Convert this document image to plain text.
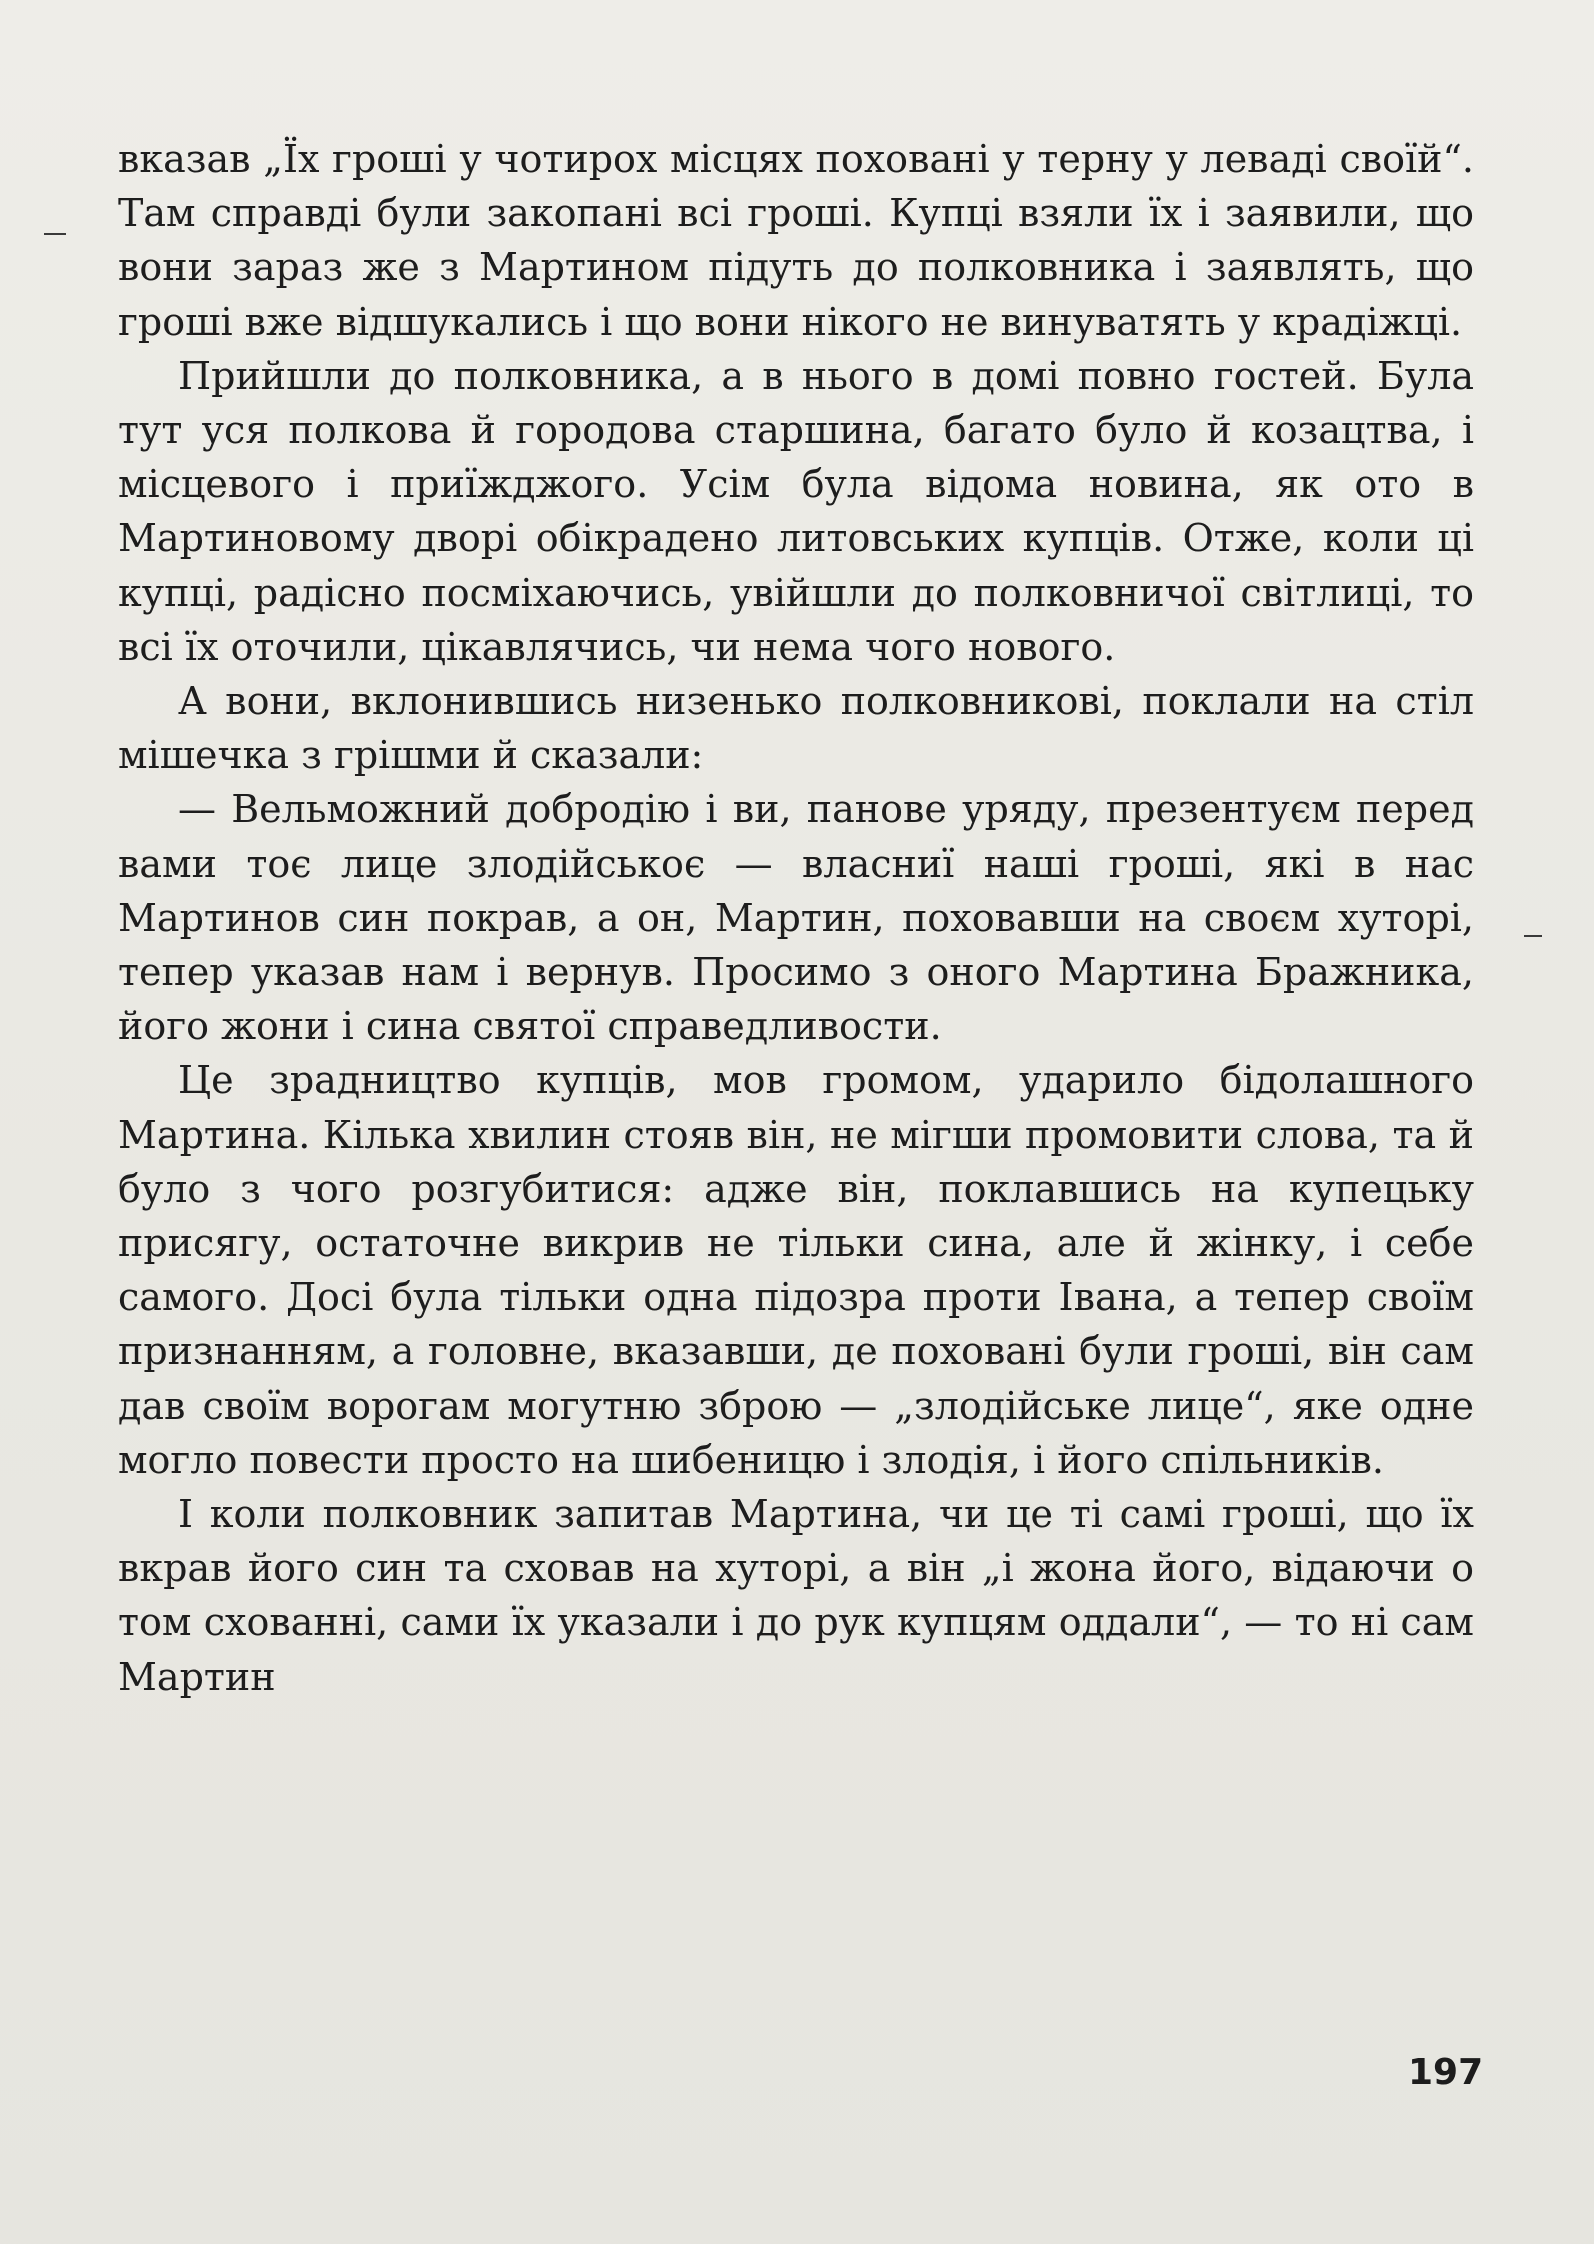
вказав „Їх гроші у чотирох місцях поховані у терну у леваді своїй“. Там справді були закопані всі гроші. Купці взяли їх і заявили, що вони зараз же з Мартином підуть до полковника і заявлять, що гроші вже відшукались і що вони нікого не винуватять у крадіжці.

Прийшли до полковника, а в нього в домі повно гостей. Була тут уся полкова й городова старшина, багато було й козацтва, і місцевого і приїжджого. Усім була відома новина, як ото в Мартиновому дворі обікрадено литовських купців. Отже, коли ці купці, радісно посміхаючись, увійшли до полковничої світлиці, то всі їх оточили, цікавлячись, чи нема чого нового.

А вони, вклонившись низенько полковникові, поклали на стіл мішечка з грішми й сказали:

— Вельможний добродію і ви, панове уряду, презентуєм перед вами тоє лице злодійськоє — власниї наші гроші, які в нас Мартинов син покрав, а он, Мартин, поховавши на своєм хуторі, тепер указав нам і вернув. Просимо з оного Мартина Бражника, його жони і сина святої справедливости.

Це зрадництво купців, мов громом, ударило бідолашного Мартина. Кілька хвилин стояв він, не мігши промовити слова, та й було з чого розгубитися: адже він, поклавшись на купецьку присягу, остаточне викрив не тільки сина, але й жінку, і себе самого. Досі була тільки одна підозра проти Івана, а тепер своїм признанням, а головне, вказавши, де поховані були гроші, він сам дав своїм ворогам могутню зброю — „злодійське лице“, яке одне могло повести просто на шибеницю і злодія, і його спільників.

І коли полковник запитав Мартина, чи це ті самі гроші, що їх вкрав його син та сховав на хуторі, а він „і жона його, відаючи о том схованні, сами їх указали і до рук купцям оддали“, — то ні сам Мартин

197
